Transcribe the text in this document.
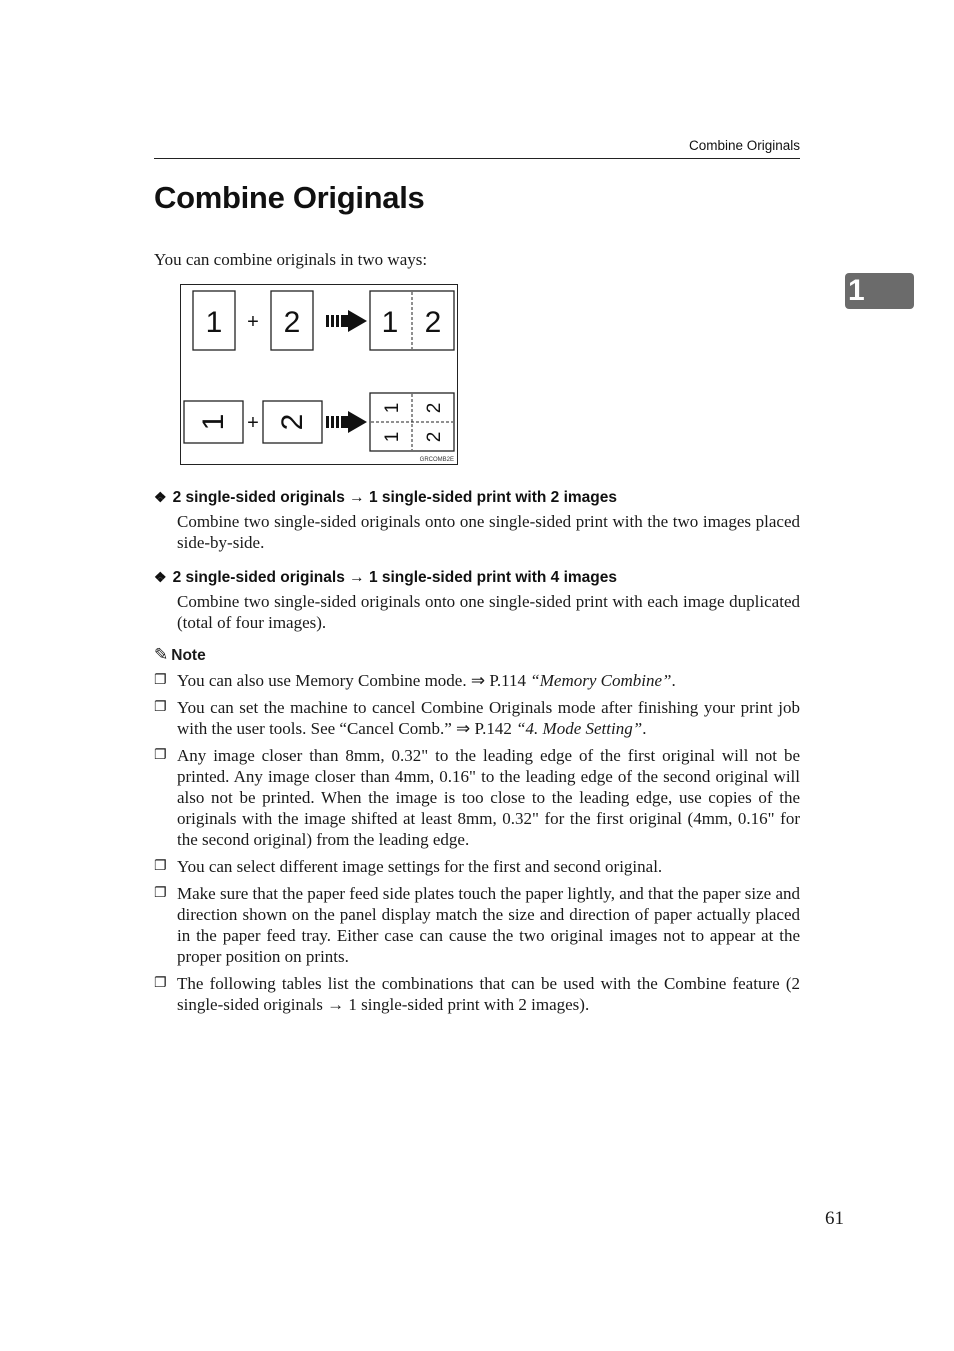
Combine Originals
Combine Originals
1
You can combine originals in two ways:
1 + 2	1 2
1 + 2
1 2
1 2
GRCOMB2E
❖ 2 single-sided originals → 1 single-sided print with 2 images
Combine two single-sided originals onto one single-sided print with the two images placed side-by-side.
❖ 2 single-sided originals → 1 single-sided print with 4 images
Combine two single-sided originals onto one single-sided print with each image duplicated (total of four images).
✎ Note
❐ You can also use Memory Combine mode. ⇒ P.114 “Memory Combine”.
❐ You can set the machine to cancel Combine Originals mode after finishing your print job with the user tools. See “Cancel Comb.” ⇒ P.142 “4. Mode Setting”.
❐ Any image closer than 8mm, 0.32" to the leading edge of the first original will not be printed. Any image closer than 4mm, 0.16" to the leading edge of the second original will also not be printed. When the image is too close to the leading edge, use copies of the originals with the image shifted at least 8mm, 0.32" for the first original (4mm, 0.16" for the second original) from the leading edge.
❐ You can select different image settings for the first and second original.
❐ Make sure that the paper feed side plates touch the paper lightly, and that the paper size and direction shown on the panel display match the size and direction of paper actually placed in the paper feed tray. Either case can cause the two original images not to appear at the proper position on prints.
❐ The following tables list the combinations that can be used with the Combine feature (2 single-sided originals → 1 single-sided print with 2 images).
61
